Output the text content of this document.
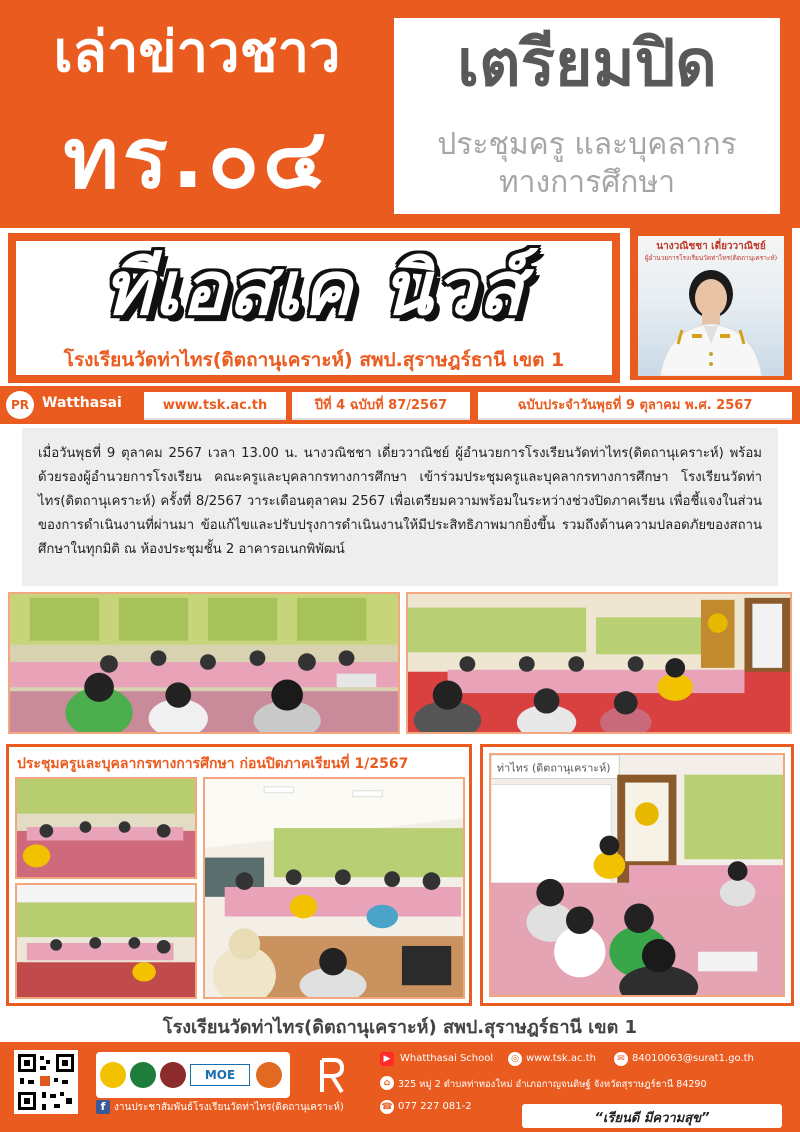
เล่าข่าวชาว
ทร.๐๔
เตรียมปิด
ประชุมครู และบุคลากร
ทางการศึกษา
ทีเอสเค นิวส์
โรงเรียนวัดท่าไทร(ดิตถานุเคราะห์) สพป.สุราษฎร์ธานี เขต 1
นางวณิชชา เดี่ยววาณิชย์
ผู้อำนวยการโรงเรียนวัดท่าไทร(ดิตถานุเคราะห์)
PR Watthasai	www.tsk.ac.th	ปีที่ 4 ฉบับที่ 87/2567	ฉบับประจำวันพุธที่ 9 ตุลาคม พ.ศ. 2567

เมื่อวันพุธที่ 9 ตุลาคม 2567 เวลา 13.00 น. นางวณิชชา เดี่ยววาณิชย์ ผู้อำนวยการโรงเรียนวัดท่าไทร(ดิตถานุเคราะห์) พร้อมด้วยรองผู้อำนวยการโรงเรียน คณะครูและบุคลากรทางการศึกษา เข้าร่วมประชุมครูและบุคลากรทางการศึกษา โรงเรียนวัดท่าไทร(ดิตถานุเคราะห์) ครั้งที่ 8/2567 วาระเดือนตุลาคม 2567 เพื่อเตรียมความพร้อมในระหว่างช่วงปิดภาคเรียน เพื่อชี้แจงในส่วนของการดำเนินงานที่ผ่านมา ข้อแก้ไขและปรับปรุงการดำเนินงานให้มีประสิทธิภาพมากยิ่งขึ้น รวมถึงด้านความปลอดภัยของสถานศึกษาในทุกมิติ ณ ห้องประชุมชั้น 2 อาคารอเนกพิพัฒน์

ประชุมครูและบุคลากรทางการศึกษา ก่อนปิดภาคเรียนที่ 1/2567	ท่าไทร (ดิตถานุเคราะห์)
โรงเรียนวัดท่าไทร(ดิตถานุเคราะห์) สพป.สุราษฎร์ธานี เขต 1
MOE
f งานประชาสัมพันธ์โรงเรียนวัดท่าไทร(ดิตถานุเคราะห์)
▶ Whatthasai School	◎ www.tsk.ac.th	✉ 84010063@surat1.go.th
⌂ 325 หมู่ 2 ตำบลท่าทองใหม่ อำเภอกาญจนดิษฐ์ จังหวัดสุราษฎร์ธานี 84290
☎ 077 227 081-2
“เรียนดี มีความสุข”
